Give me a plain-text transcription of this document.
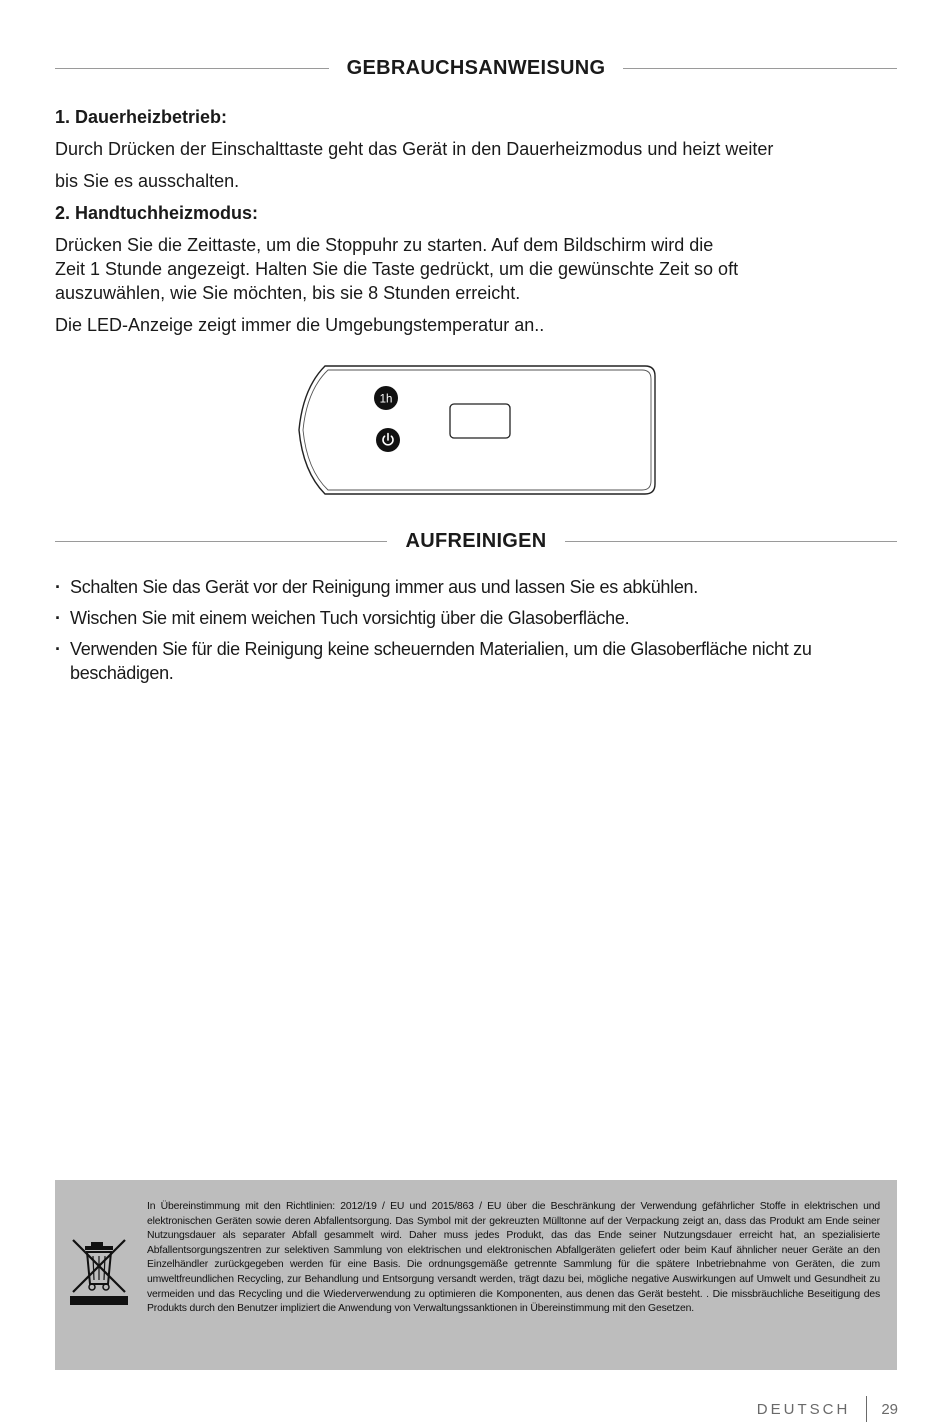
GEBRAUCHSANWEISUNG

1. Dauerheizbetrieb:

Durch Drücken der Einschalttaste geht das Gerät in den Dauerheizmodus und heizt weiter

bis Sie es ausschalten.

2. Handtuchheizmodus:

Drücken Sie die Zeittaste, um die Stoppuhr zu starten. Auf dem Bildschirm wird die

Zeit 1 Stunde angezeigt. Halten Sie die Taste gedrückt, um die gewünschte Zeit so oft

auszuwählen, wie Sie möchten, bis sie 8 Stunden erreicht.

Die LED-Anzeige zeigt immer die Umgebungstemperatur an..

1h
AUFREINIGEN
· Schalten Sie das Gerät vor der Reinigung immer aus und lassen Sie es abkühlen.
· Wischen Sie mit einem weichen Tuch vorsichtig über die Glasoberfläche.
· Verwenden Sie für die Reinigung keine scheuernden Materialien, um die Glasoberfläche nicht zu beschädigen.
In Übereinstimmung mit den Richtlinien: 2012/19 / EU und 2015/863 / EU über die Beschränkung der Verwendung gefährlicher Stoffe in elektrischen und elektronischen Geräten sowie deren Abfallentsorgung. Das Symbol mit der gekreuzten Mülltonne auf der Verpackung zeigt an, dass das Produkt am Ende seiner Nutzungsdauer als separater Abfall gesammelt wird. Daher muss jedes Produkt, das das Ende seiner Nutzungsdauer erreicht hat, an spezialisierte Abfallentsorgungszentren zur selektiven Sammlung von elektrischen und elektronischen Abfallgeräten geliefert oder beim Kauf ähnlicher neuer Geräte an den Einzelhändler zurückgegeben werden für eine Basis. Die ordnungsgemäße getrennte Sammlung für die spätere Inbetriebnahme von Geräten, die zum umweltfreundlichen Recycling, zur Behandlung und Entsorgung versandt werden, trägt dazu bei, mögliche negative Auswirkungen auf Umwelt und Gesundheit zu vermeiden und das Recycling und die Wiederverwendung zu optimieren die Komponenten, aus denen das Gerät besteht. . Die missbräuchliche Beseitigung des Produkts durch den Benutzer impliziert die Anwendung von Verwaltungssanktionen in Übereinstimmung mit den Gesetzen.
DEUTSCH 29
